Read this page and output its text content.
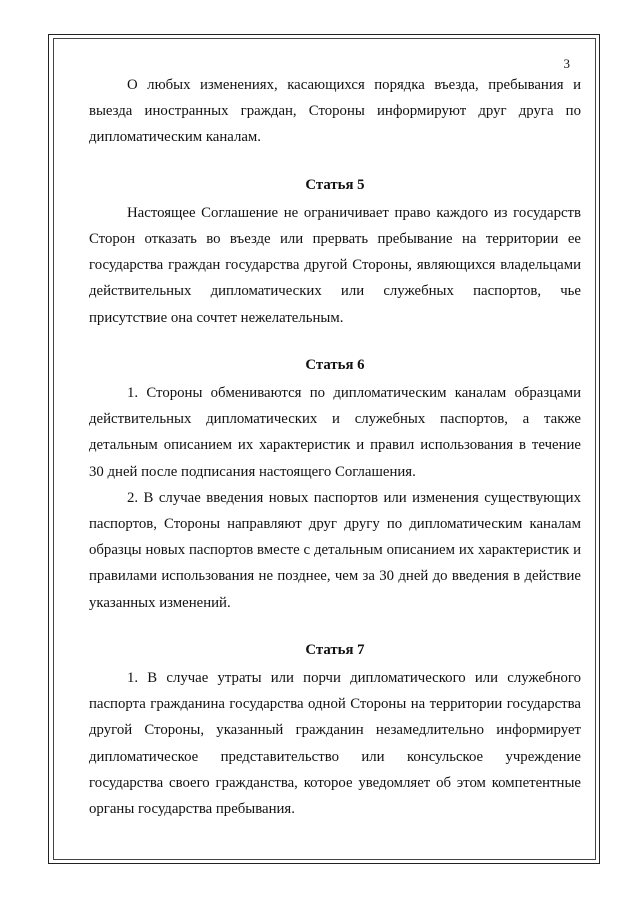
3

О любых изменениях, касающихся порядка въезда, пребывания и выезда иностранных граждан, Стороны информируют друг друга по дипломатическим каналам.

Статья 5

Настоящее Соглашение не ограничивает право каждого из государств Сторон отказать во въезде или прервать пребывание на территории ее государства граждан государства другой Стороны, являющихся владельцами действительных дипломатических или служебных паспортов, чье присутствие она сочтет нежелательным.

Статья 6

1. Стороны обмениваются по дипломатическим каналам образцами действительных дипломатических и служебных паспортов, а также детальным описанием их характеристик и правил использования в течение 30 дней после подписания настоящего Соглашения.

2. В случае введения новых паспортов или изменения существующих паспортов, Стороны направляют друг другу по дипломатическим каналам образцы новых паспортов вместе с детальным описанием их характеристик и правилами использования не позднее, чем за 30 дней до введения в действие указанных изменений.

Статья 7

1. В случае утраты или порчи дипломатического или служебного паспорта гражданина государства одной Стороны на территории государства другой Стороны, указанный гражданин незамедлительно информирует дипломатическое представительство или консульское учреждение государства своего гражданства, которое уведомляет об этом компетентные органы государства пребывания.
